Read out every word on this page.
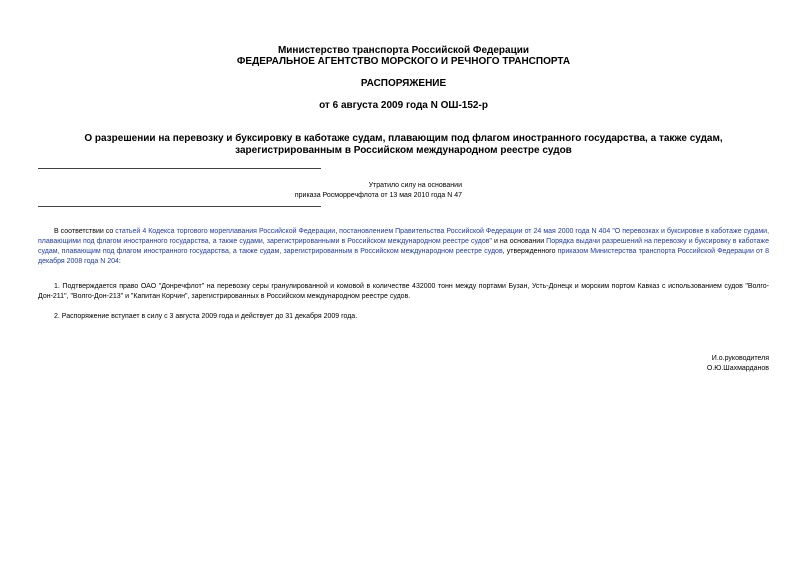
Министерство транспорта Российской Федерации
ФЕДЕРАЛЬНОЕ АГЕНТСТВО МОРСКОГО И РЕЧНОГО ТРАНСПОРТА
РАСПОРЯЖЕНИЕ
от 6 августа 2009 года N ОШ-152-р
О разрешении на перевозку и буксировку в каботаже судам, плавающим под флагом иностранного государства, а также судам, зарегистрированным в Российском международном реестре судов
Утратило силу на основании
приказа Росморречфлота от 13 мая 2010 года N 47

В соответствии со статьей 4 Кодекса торгового мореплавания Российской Федерации, постановлением Правительства Российской Федерации от 24 мая 2000 года N 404 "О перевозках и буксировке в каботаже судами, плавающими под флагом иностранного государства, а также судами, зарегистрированными в Российском международном реестре судов" и на основании Порядка выдачи разрешений на перевозку и буксировку в каботаже судам, плавающим под флагом иностранного государства, а также судам, зарегистрированным в Российском международном реестре судов, утвержденного приказом Министерства транспорта Российской Федерации от 8 декабря 2008 года N 204:

1. Подтверждается право ОАО "Донречфлот" на перевозку серы гранулированной и комовой в количестве 432000 тонн между портами Бузан, Усть-Донецк и морским портом Кавказ с использованием судов "Волго-Дон-211", "Волго-Дон-213" и "Капитан Корчин", зарегистрированных в Российском международном реестре судов.

2. Распоряжение вступает в силу с 3 августа 2009 года и действует до 31 декабря 2009 года.

И.о.руководителя
О.Ю.Шахмарданов
